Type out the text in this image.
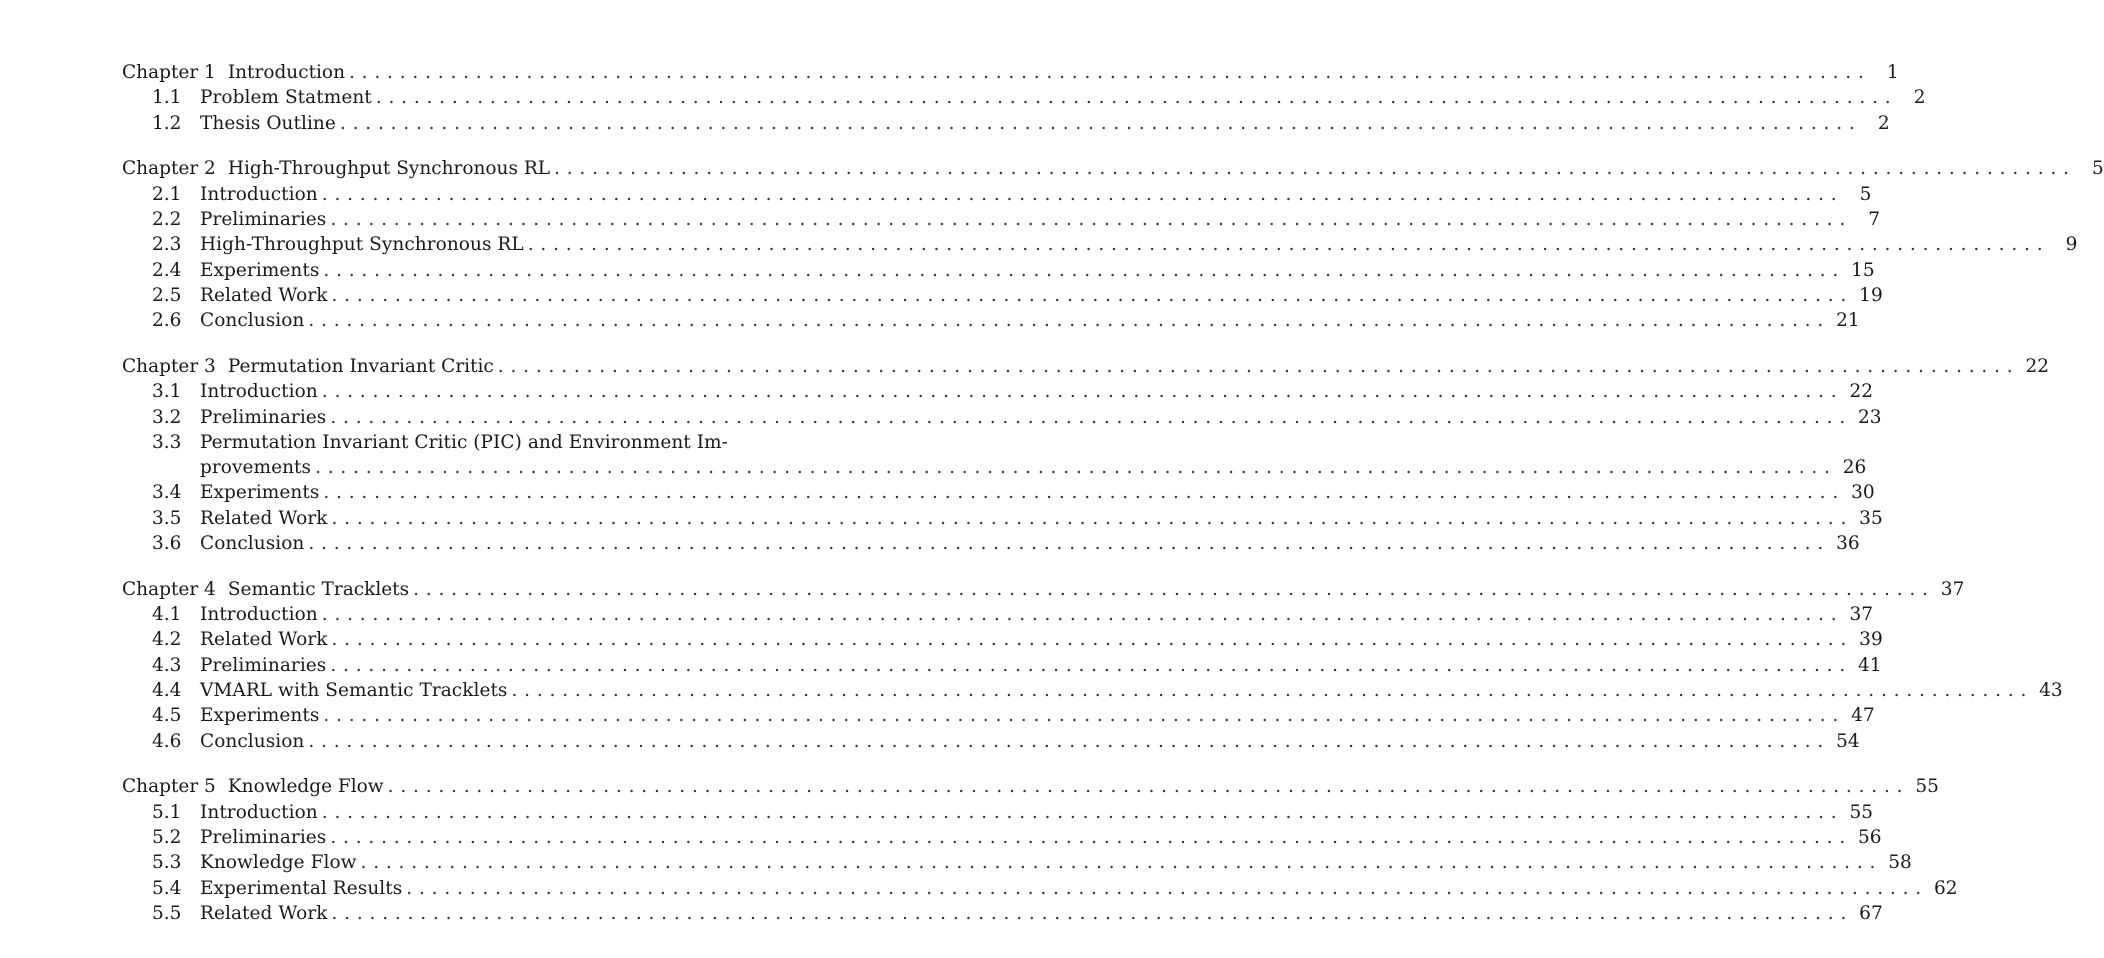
Chapter 1 Introduction ........................................................................................................................ 1
1.1	Problem Statment ........................................................................................................................ 2
1.2	Thesis Outline ........................................................................................................................ 2
Chapter 2 High-Throughput Synchronous RL ........................................................................................................................ 5
2.1	Introduction ........................................................................................................................ 5
2.2	Preliminaries ........................................................................................................................ 7
2.3	High-Throughput Synchronous RL ........................................................................................................................ 9
2.4	Experiments ........................................................................................................................ 15
2.5	Related Work ........................................................................................................................ 19
2.6	Conclusion ........................................................................................................................ 21
Chapter 3 Permutation Invariant Critic ........................................................................................................................ 22
3.1	Introduction ........................................................................................................................ 22
3.2	Preliminaries ........................................................................................................................ 23
3.3	Permutation Invariant Critic (PIC) and Environment Im-
provements ........................................................................................................................ 26
3.4	Experiments ........................................................................................................................ 30
3.5	Related Work ........................................................................................................................ 35
3.6	Conclusion ........................................................................................................................ 36
Chapter 4 Semantic Tracklets ........................................................................................................................ 37
4.1	Introduction ........................................................................................................................ 37
4.2	Related Work ........................................................................................................................ 39
4.3	Preliminaries ........................................................................................................................ 41
4.4	VMARL with Semantic Tracklets ........................................................................................................................ 43
4.5	Experiments ........................................................................................................................ 47
4.6	Conclusion ........................................................................................................................ 54
Chapter 5 Knowledge Flow ........................................................................................................................ 55
5.1	Introduction ........................................................................................................................ 55
5.2	Preliminaries ........................................................................................................................ 56
5.3	Knowledge Flow ........................................................................................................................ 58
5.4	Experimental Results ........................................................................................................................ 62
5.5	Related Work ........................................................................................................................ 67
